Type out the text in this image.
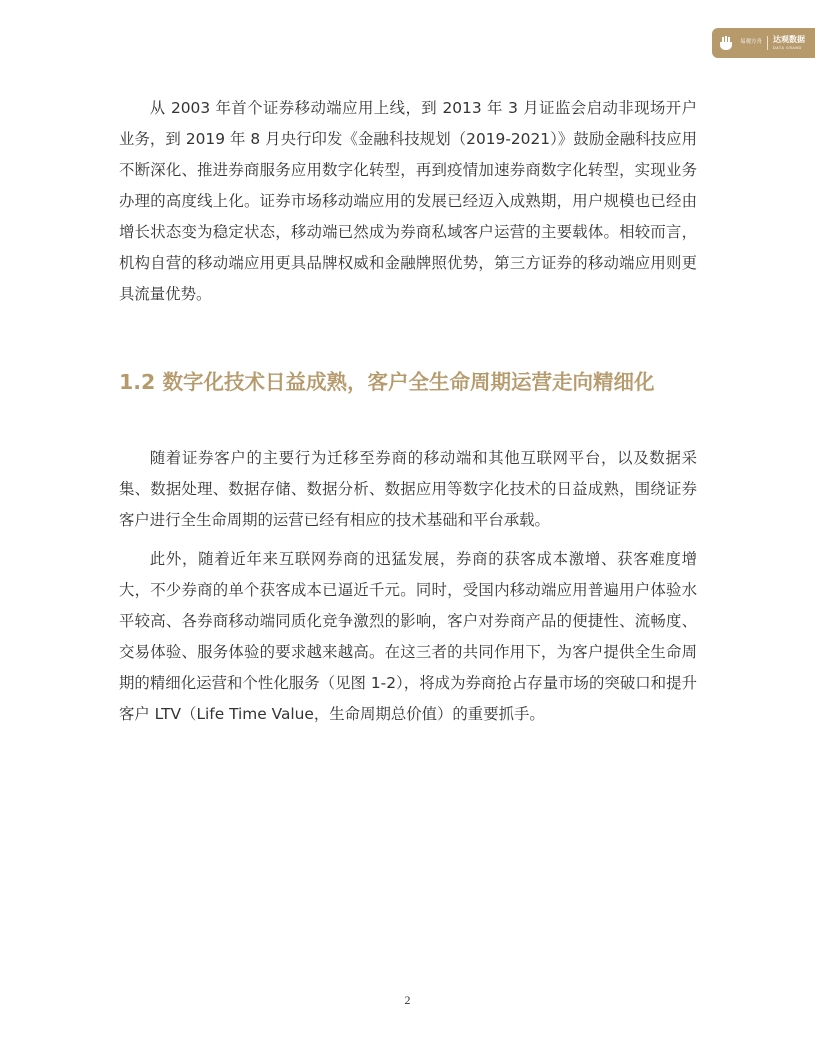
易观方舟 达观数据
DATA GRAND

从 2003 年首个证券移动端应用上线，到 2013 年 3 月证监会启动非现场开户业务，到 2019 年 8 月央行印发《金融科技规划（2019-2021）》鼓励金融科技应用不断深化、推进券商服务应用数字化转型，再到疫情加速券商数字化转型，实现业务办理的高度线上化。证券市场移动端应用的发展已经迈入成熟期，用户规模也已经由增长状态变为稳定状态，移动端已然成为券商私域客户运营的主要载体。相较而言，机构自营的移动端应用更具品牌权威和金融牌照优势，第三方证券的移动端应用则更具流量优势。

1.2 数字化技术日益成熟，客户全生命周期运营走向精细化

随着证券客户的主要行为迁移至券商的移动端和其他互联网平台，以及数据采集、数据处理、数据存储、数据分析、数据应用等数字化技术的日益成熟，围绕证券客户进行全生命周期的运营已经有相应的技术基础和平台承载。

此外，随着近年来互联网券商的迅猛发展，券商的获客成本激增、获客难度增大，不少券商的单个获客成本已逼近千元。同时，受国内移动端应用普遍用户体验水平较高、各券商移动端同质化竞争激烈的影响，客户对券商产品的便捷性、流畅度、交易体验、服务体验的要求越来越高。在这三者的共同作用下，为客户提供全生命周期的精细化运营和个性化服务（见图 1-2），将成为券商抢占存量市场的突破口和提升客户 LTV（Life Time Value，生命周期总价值）的重要抓手。

2
